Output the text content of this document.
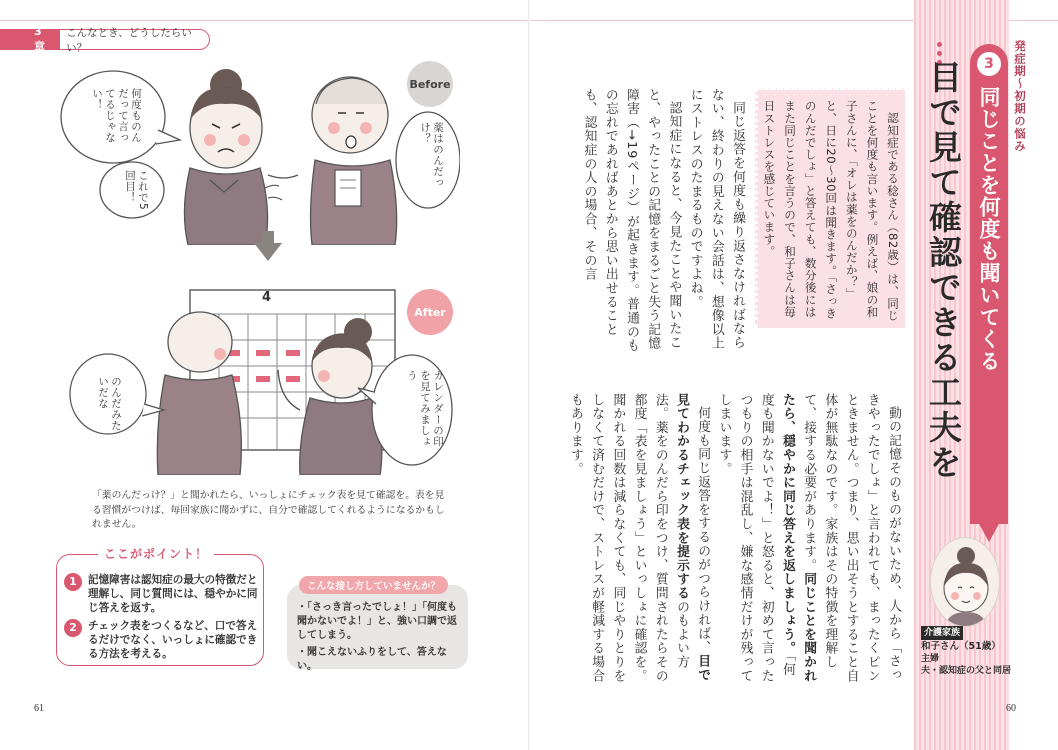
3章
こんなとき、どうしたらいい？
Before
After
何度ものんだって言ってるじゃない！
薬はのんだっけ？
これで5回目！
4
カレンダーの印を見てみましょう
のんだみたいだな
「薬のんだっけ？」と聞かれたら、いっしょにチェック表を見て確認を。表を見る習慣がつけば、毎回家族に聞かずに、自分で確認してくれるようになるかもしれません。
ここがポイント！
1	記憶障害は認知症の最大の特徴だと理解し、同じ質問には、穏やかに同じ答えを返す。
2	チェック表をつくるなど、口で答えるだけでなく、いっしょに確認できる方法を考える。
こんな接し方していませんか？
・「さっき言ったでしょ！」「何度も聞かないでよ！」と、強い口調で返してしまう。
・聞こえないふりをして、答えない。
61

動の記憶そのものがないため、人から「さっきやったでしょ」と言われても、まったくピンときません。つまり、思い出そうとすること自体が無駄なのです。家族はその特徴を理解して、接する必要があります。同じことを聞かれたら、穏やかに同じ答えを返しましょう。「何度も聞かないでよ！」と怒ると、初めて言ったつもりの相手は混乱し、嫌な感情だけが残ってしまいます。

何度も同じ返答をするのがつらければ、目で見てわかるチェック表を提示するのもよい方法。薬をのんだら印をつけ、質問されたらその都度「表を見ましょう」といっしょに確認を。聞かれる回数は減らなくても、同じやりとりをしなくて済むだけで、ストレスが軽減する場合もあります。

同じ返答を何度も繰り返さなければならない、終わりの見えない会話は、想像以上にストレスのたまるものですよね。

認知症になると、今見たことや聞いたこと、やったことの記憶をまるごと失う記憶障害（→19ページ）が起きます。普通のもの忘れであればあとから思い出せることも、認知症の人の場合、その言	認知症である稔さん（82歳）は、同じことを何度も言います。例えば、娘の和子さんに、「オレは薬をのんだか？」と、日に20～30回は聞きます。「さっきのんだでしょ」と答えても、数分後にはまた同じことを言うので、和子さんは毎日ストレスを感じています。

発症期～初期の悩み
3
同じことを何度も聞いてくる
目で見て確認できる工夫を
介護家族
和子さん（51歳）
主婦
夫・認知症の父と同居
60
